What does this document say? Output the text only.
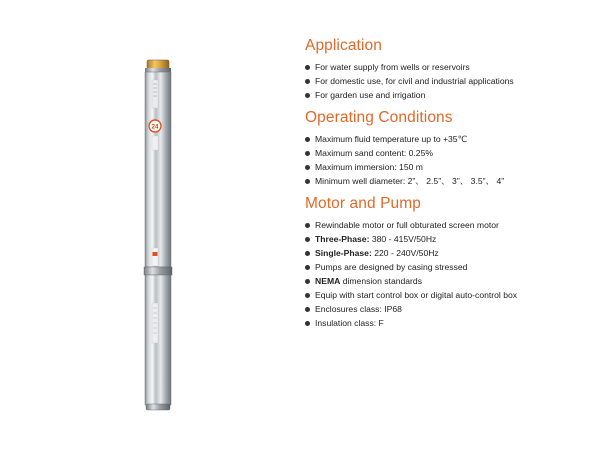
24
Application
For water supply from wells or reservoirs
For domestic use, for civil and industrial applications
For garden use and irrigation
Operating Conditions
Maximum fluid temperature up to +35℃
Maximum sand content: 0.25%
Maximum immersion: 150 m
Minimum well diameter: 2”、 2.5”、 3”、 3.5”、 4”
Motor and Pump
Rewindable motor or full obturated screen motor
Three-Phase: 380 - 415V/50Hz
Single-Phase: 220 - 240V/50Hz
Pumps are designed by casing stressed
NEMA dimension standards
Equip with start control box or digital auto-control box
Enclosures class: IP68
Insulation class: F
